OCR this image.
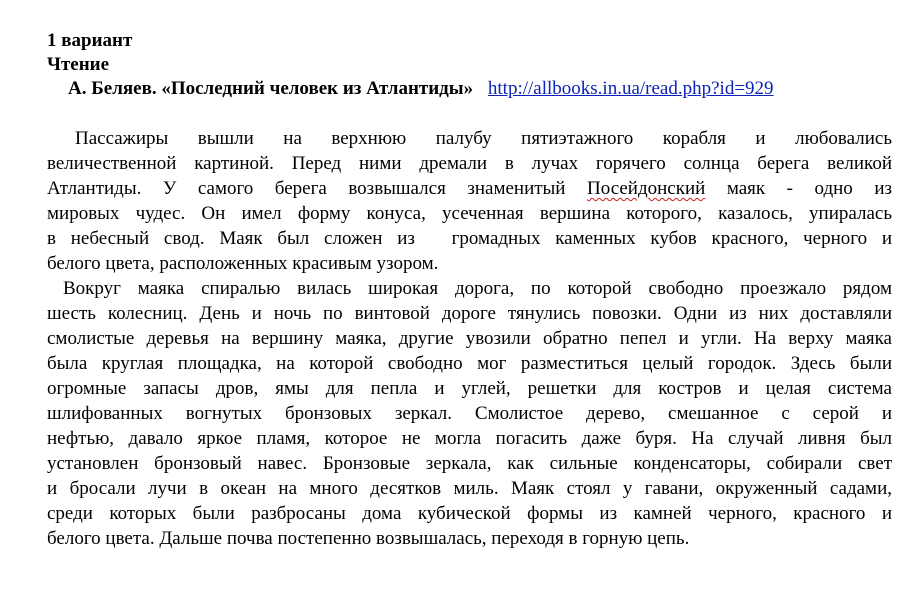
1 вариант
Чтение
А. Беляев. «Последний человек из Атлантиды» http://allbooks.in.ua/read.php?id=929
Пассажиры вышли на верхнюю палубу пятиэтажного корабля и любовались
величественной картиной. Перед ними дремали в лучах горячего солнца берега великой
Атлантиды. У самого берега возвышался знаменитый Посейдонский маяк - одно из
мировых чудес. Он имел форму конуса, усеченная вершина которого, казалось, упиралась
в небесный свод. Маяк был сложен из громадных каменных кубов красного, черного и
белого цвета, расположенных красивым узором.
Вокруг маяка спиралью вилась широкая дорога, по которой свободно проезжало рядом
шесть колесниц. День и ночь по винтовой дороге тянулись повозки. Одни из них доставляли
смолистые деревья на вершину маяка, другие увозили обратно пепел и угли. На верху маяка
была круглая площадка, на которой свободно мог разместиться целый городок. Здесь были
огромные запасы дров, ямы для пепла и углей, решетки для костров и целая система
шлифованных вогнутых бронзовых зеркал. Смолистое дерево, смешанное с серой и
нефтью, давало яркое пламя, которое не могла погасить даже буря. На случай ливня был
установлен бронзовый навес. Бронзовые зеркала, как сильные конденсаторы, собирали свет
и бросали лучи в океан на много десятков миль. Маяк стоял у гавани, окруженный садами,
среди которых были разбросаны дома кубической формы из камней черного, красного и
белого цвета. Дальше почва постепенно возвышалась, переходя в горную цепь.
